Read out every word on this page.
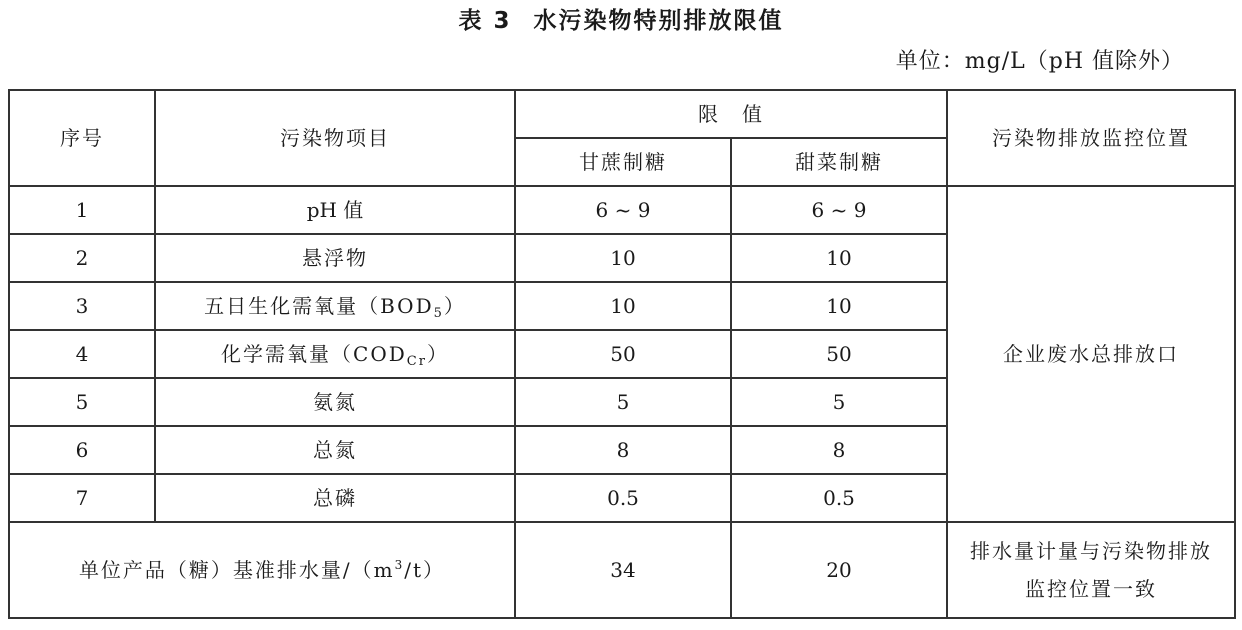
表 3 水污染物特别排放限值
单位：mg/L（pH 值除外）
序号	污染物项目	限　值		污染物排放监控位置
		甘蔗制糖	甜菜制糖	
1	pH 值	6 ~ 9	6 ~ 9	企业废水总排放口
2	悬浮物	10	10	
3	五日生化需氧量$(BOD_5)$	10	10	
4	化学需氧量$(COD_{Cr})$	50	50	
5	氨氮	5	5	
6	总氮	8	8	
7	总磷	0.5	0.5	
单位产品（糖）基准排水量$/(m^3/t)$		34	20	排水量计量与污染物排放
监控位置一致
